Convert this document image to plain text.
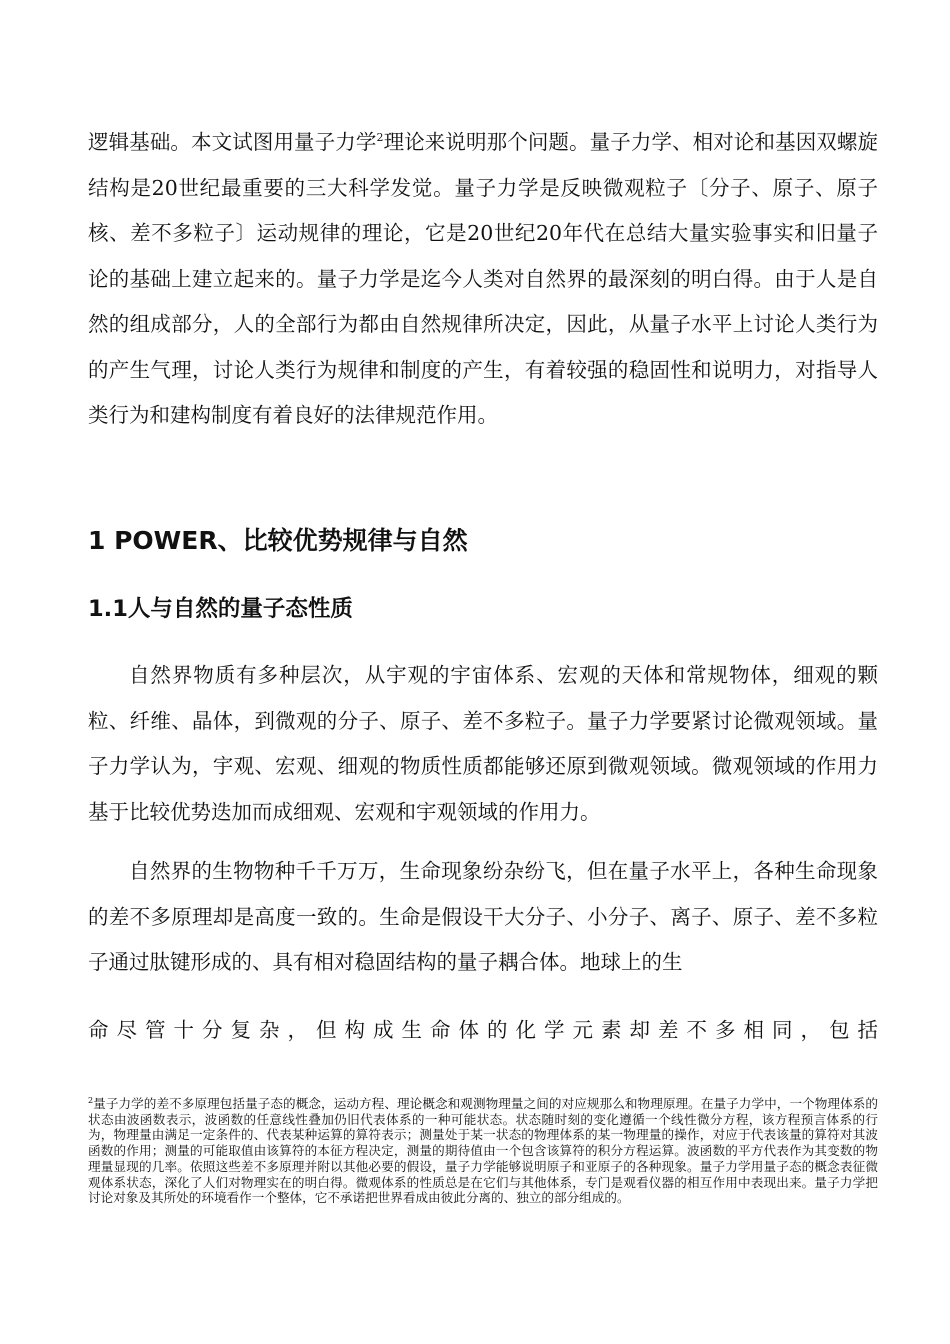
逻辑基础。本文试图用量子力学$^2$理论来说明那个问题。量子力学、相对论和基因双螺旋结构是20世纪最重要的三大科学发觉。量子力学是反映微观粒子〔分子、原子、原子核、差不多粒子〕运动规律的理论，它是20世纪20年代在总结大量实验事实和旧量子论的基础上建立起来的。量子力学是迄今人类对自然界的最深刻的明白得。由于人是自然的组成部分，人的全部行为都由自然规律所决定，因此，从量子水平上讨论人类行为的产生气理，讨论人类行为规律和制度的产生，有着较强的稳固性和说明力，对指导人类行为和建构制度有着良好的法律规范作用。

1 POWER、比较优势规律与自然
1.1人与自然的量子态性质

自然界物质有多种层次，从宇观的宇宙体系、宏观的天体和常规物体，细观的颗粒、纤维、晶体，到微观的分子、原子、差不多粒子。量子力学要紧讨论微观领域。量子力学认为，宇观、宏观、细观的物质性质都能够还原到微观领域。微观领域的作用力基于比较优势迭加而成细观、宏观和宇观领域的作用力。

自然界的生物物种千千万万，生命现象纷杂纷飞，但在量子水平上，各种生命现象的差不多原理却是高度一致的。生命是假设干大分子、小分子、离子、原子、差不多粒子通过肽键形成的、具有相对稳固结构的量子耦合体。地球上的生

命 尽 管 十 分 复 杂 ， 但 构 成 生 命 体 的 化 学 元 素 却 差 不 多 相 同 ， 包 括

$^2$量子力学的差不多原理包括量子态的概念，运动方程、理论概念和观测物理量之间的对应规那么和物理原理。在量子力学中，一个物理体系的状态由波函数表示，波函数的任意线性叠加仍旧代表体系的一种可能状态。状态随时刻的变化遵循一个线性微分方程，该方程预言体系的行为，物理量由满足一定条件的、代表某种运算的算符表示；测量处于某一状态的物理体系的某一物理量的操作，对应于代表该量的算符对其波函数的作用；测量的可能取值由该算符的本征方程决定，测量的期待值由一个包含该算符的积分方程运算。波函数的平方代表作为其变数的物理量显现的几率。依照这些差不多原理并附以其他必要的假设，量子力学能够说明原子和亚原子的各种现象。量子力学用量子态的概念表征微观体系状态，深化了人们对物理实在的明白得。微观体系的性质总是在它们与其他体系，专门是观看仪器的相互作用中表现出来。量子力学把讨论对象及其所处的环境看作一个整体，它不承诺把世界看成由彼此分离的、独立的部分组成的。
